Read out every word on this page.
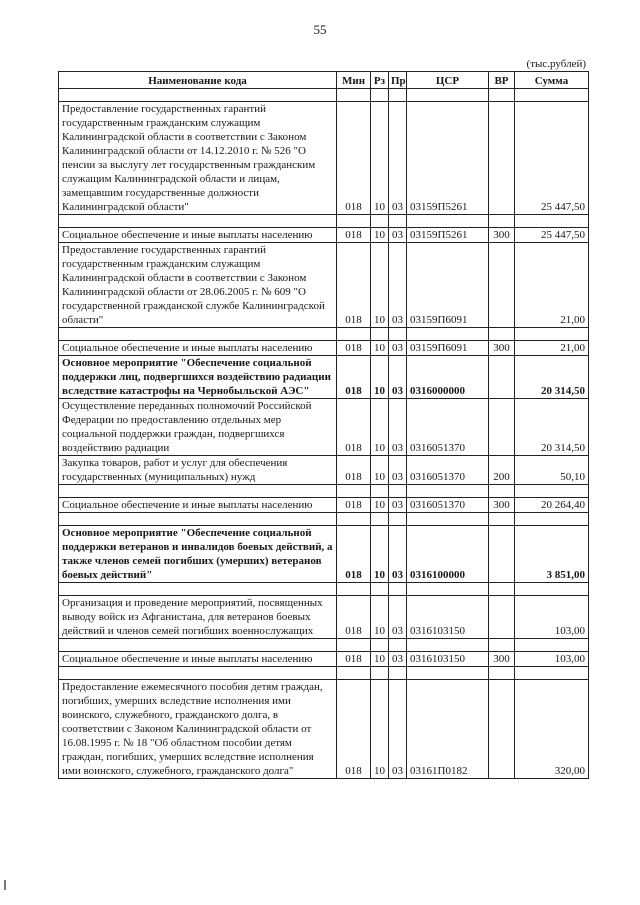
55
(тыс.рублей)
Наименование кода	Мин	Рз	Пр	ЦСР	ВР	Сумма

Предоставление государственных гарантий государственным гражданским служащим Калининградской области в соответствии с Законом Калининградской области от 14.12.2010 г. № 526 "О пенсии за выслугу лет государственным гражданским служащим Калининградской области и лицам, замещавшим государственные должности Калининградской области"	018	10	03	03159П5261		25 447,50

Социальное обеспечение и иные выплаты населению	018	10	03	03159П5261	300	25 447,50
Предоставление государственных гарантий государственным гражданским служащим Калининградской области в соответствии с Законом Калининградской области от 28.06.2005 г. № 609 "О государственной гражданской службе Калининградской области"	018	10	03	03159П6091		21,00

Социальное обеспечение и иные выплаты населению	018	10	03	03159П6091	300	21,00
Основное мероприятие "Обеспечение социальной поддержки лиц, подвергшихся воздействию радиации вследствие катастрофы на Чернобыльской АЭС"	018	10	03	0316000000		20 314,50
Осуществление переданных полномочий Российской Федерации по предоставлению отдельных мер социальной поддержки граждан, подвергшихся воздействию радиации	018	10	03	0316051370		20 314,50
Закупка товаров, работ и услуг для обеспечения государственных (муниципальных) нужд	018	10	03	0316051370	200	50,10

Социальное обеспечение и иные выплаты населению	018	10	03	0316051370	300	20 264,40

Основное мероприятие "Обеспечение социальной поддержки ветеранов и инвалидов боевых действий, а также членов семей погибших (умерших) ветеранов боевых действий"	018	10	03	0316100000		3 851,00

Организация и проведение мероприятий, посвященных выводу войск из Афганистана, для ветеранов боевых действий и членов семей погибших военнослужащих	018	10	03	0316103150		103,00

Социальное обеспечение и иные выплаты населению	018	10	03	0316103150	300	103,00

Предоставление ежемесячного пособия детям граждан, погибших, умерших вследствие исполнения ими воинского, служебного, гражданского долга, в соответствии с Законом Калининградской области от 16.08.1995 г. № 18 "Об областном пособии детям граждан, погибших, умерших вследствие исполнения ими воинского, служебного, гражданского долга"	018	10	03	03161П0182		320,00
